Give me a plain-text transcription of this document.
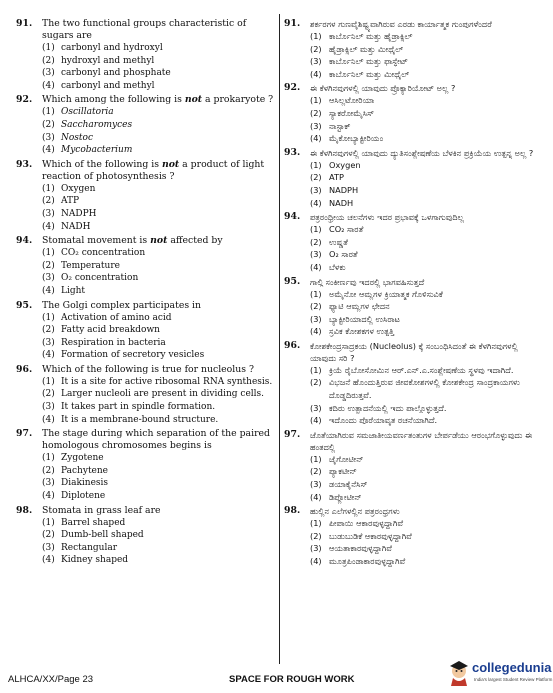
91.	The two functional groups characteristic of sugars are
(1) carbonyl and hydroxyl
(2) hydroxyl and methyl
(3) carbonyl and phosphate
(4) carbonyl and methyl
92.	Which among the following is not a prokaryote ?
(1) Oscillatoria
(2) Saccharomyces
(3) Nostoc
(4) Mycobacterium
93.	Which of the following is not a product of light reaction of photosynthesis ?
(1) Oxygen
(2) ATP
(3) NADPH
(4) NADH
94.	Stomatal movement is not affected by
(1) CO₂ concentration
(2) Temperature
(3) O₂ concentration
(4) Light
95.	The Golgi complex participates in
(1) Activation of amino acid
(2) Fatty acid breakdown
(3) Respiration in bacteria
(4) Formation of secretory vesicles
96.	Which of the following is true for nucleolus ?
(1) It is a site for active ribosomal RNA synthesis.
(2) Larger nucleoli are present in dividing cells.
(3) It takes part in spindle formation.
(4) It is a membrane-bound structure.
97.	The stage during which separation of the paired homologous chromosomes begins is
(1) Zygotene
(2) Pachytene
(3) Diakinesis
(4) Diplotene
98.	Stomata in grass leaf are
(1) Barrel shaped
(2) Dumb-bell shaped
(3) Rectangular
(4) Kidney shaped
91.	ಶರ್ಕರಗಳ ಗುಣವೈಶಿಷ್ಟ್ಯವಾಗಿರುವ ಎರಡು ಕಾರ್ಯಾತ್ಮಕ ಗುಂಪುಗಳೆಂದರೆ
(1) ಕಾರ್ಬೊನಿಲ್ ಮತ್ತು ಹೈಡ್ರಾಕ್ಸಿಲ್
(2) ಹೈಡ್ರಾಕ್ಸಿಲ್ ಮತ್ತು ಮೀಥೈಲ್
(3) ಕಾರ್ಬೊನಿಲ್ ಮತ್ತು ಫಾಸ್ಫೇಟ್
(4) ಕಾರ್ಬೊನಿಲ್ ಮತ್ತು ಮೀಥೈಲ್
92.	ಈ ಕೆಳಗಿನವುಗಳಲ್ಲಿ ಯಾವುದು ಪ್ರೊಕ್ಯಾರಿಯೋಟ್ ಅಲ್ಲ ?
(1) ಆಸಿಲ್ಲಟೋರಿಯಾ
(2) ಸ್ಯಾಕರೋಮೈಸಿಸ್
(3) ನಾಸ್ಟಾಕ್
(4) ಮೈಕೋಬ್ಯಾಕ್ಟೀರಿಯಂ
93.	ಈ ಕೆಳಗಿನವುಗಳಲ್ಲಿ ಯಾವುದು ದ್ಯುತಿಸಂಶ್ಲೇಷಣೆಯ ಬೆಳಕಿನ ಪ್ರಕ್ರಿಯೆಯ ಉತ್ಪನ್ನ ಅಲ್ಲ ?
(1) Oxygen
(2) ATP
(3) NADPH
(4) NADH
94.	ಪತ್ರರಂಧ್ರೀಯ ಚಲನೆಗಳು ಇದರ ಪ್ರಭಾವಕ್ಕೆ ಒಳಗಾಗುವುದಿಲ್ಲ
(1) CO₂ ಸಾರತೆ
(2) ಉಷ್ಣತೆ
(3) O₂ ಸಾರತೆ
(4) ಬೆಳಕು
95.	ಗಾಲ್ಗಿ ಸಂಕೀರ್ಣವು ಇದರಲ್ಲಿ ಭಾಗವಹಿಸುತ್ತದೆ
(1) ಅಮೈನೋ ಆಮ್ಲಗಳ ಕ್ರಿಯಾತ್ಮಕ ಗೊಳಿಸುವಿಕೆ
(2) ಫ್ಯಾಟಿ ಆಮ್ಲಗಳ ಛೇದನ
(3) ಬ್ಯಾಕ್ಟೀರಿಯಾದಲ್ಲಿ ಉಸಿರಾಟ
(4) ಸ್ರವಿಕ ಕೋಶಕಗಳ ಉತ್ಪತ್ತಿ
96.	ಕೋಶಕೇಂದ್ರಸಾದ್ರಕಯ (Nucleolus) ಕ್ಕೆ ಸಂಬಂಧಿಸಿದಂತೆ ಈ ಕೆಳಗಿನವುಗಳಲ್ಲಿ ಯಾವುದು ಸರಿ ?
(1) ಕ್ರಿಯೆ ರೈಬೋಸೋಮಿನ ಆರ್.ಎನ್.ಎ.ಸಂಶ್ಲೇಷಣೆಯ ಸ್ಥಳವು ಇದಾಗಿದೆ.
(2) ವಿಭಜನೆ ಹೊಂದುತ್ತಿರುವ ಜೀವಕೋಶಗಳಲ್ಲಿ ಕೋಶಕೇಂದ್ರ ಸಾಂದ್ರಕಾಯಗಳು ದೊಡ್ಡದಿರುತ್ತವೆ.
(3) ಕದಿರು ಉತ್ಪಾದನೆಯಲ್ಲಿ ಇದು ಪಾಲ್ಗೊಳ್ಳುತ್ತದೆ.
(4) ಇದೊಂದು ಪೊರೆಯಾವೃತ ರಚನೆಯಾಗಿದೆ.
97.	ಜೊತೆಯಾಗಿರುವ ಸಮಜಾತೀಯವರ್ಣತಂತುಗಳ ಬೇರ್ಪಡೆಯು ಆರಂಭಗೊಳ್ಳುವುದು ಈ ಹಂತದಲ್ಲಿ
(1) ಜೈಗೋಟೀನ್
(2) ಪ್ಯಾಕಟೀನ್
(3) ಡಯಾಕೈನೆಸಿಸ್
(4) ಡಿಪ್ಲೋಟೀನ್
98.	ಹುಲ್ಲಿನ ಎಲೆಗಳಲ್ಲಿನ ಪತ್ರರಂಧ್ರಗಳು
(1) ಪೀಪಾಯಿ ಆಕಾರವುಳ್ಳದ್ದಾಗಿವೆ
(2) ಬುಡುಬುಡಿಕೆ ಆಕಾರವುಳ್ಳದ್ದಾಗಿವೆ
(3) ಆಯತಾಕಾರವುಳ್ಳದ್ದಾಗಿವೆ
(4) ಮೂತ್ರಪಿಂಡಾಕಾರವುಳ್ಳದ್ದಾಗಿವೆ
ALHCA/XX/Page 23	SPACE FOR ROUGH WORK
collegedunia
India's largest Student Review Platform
